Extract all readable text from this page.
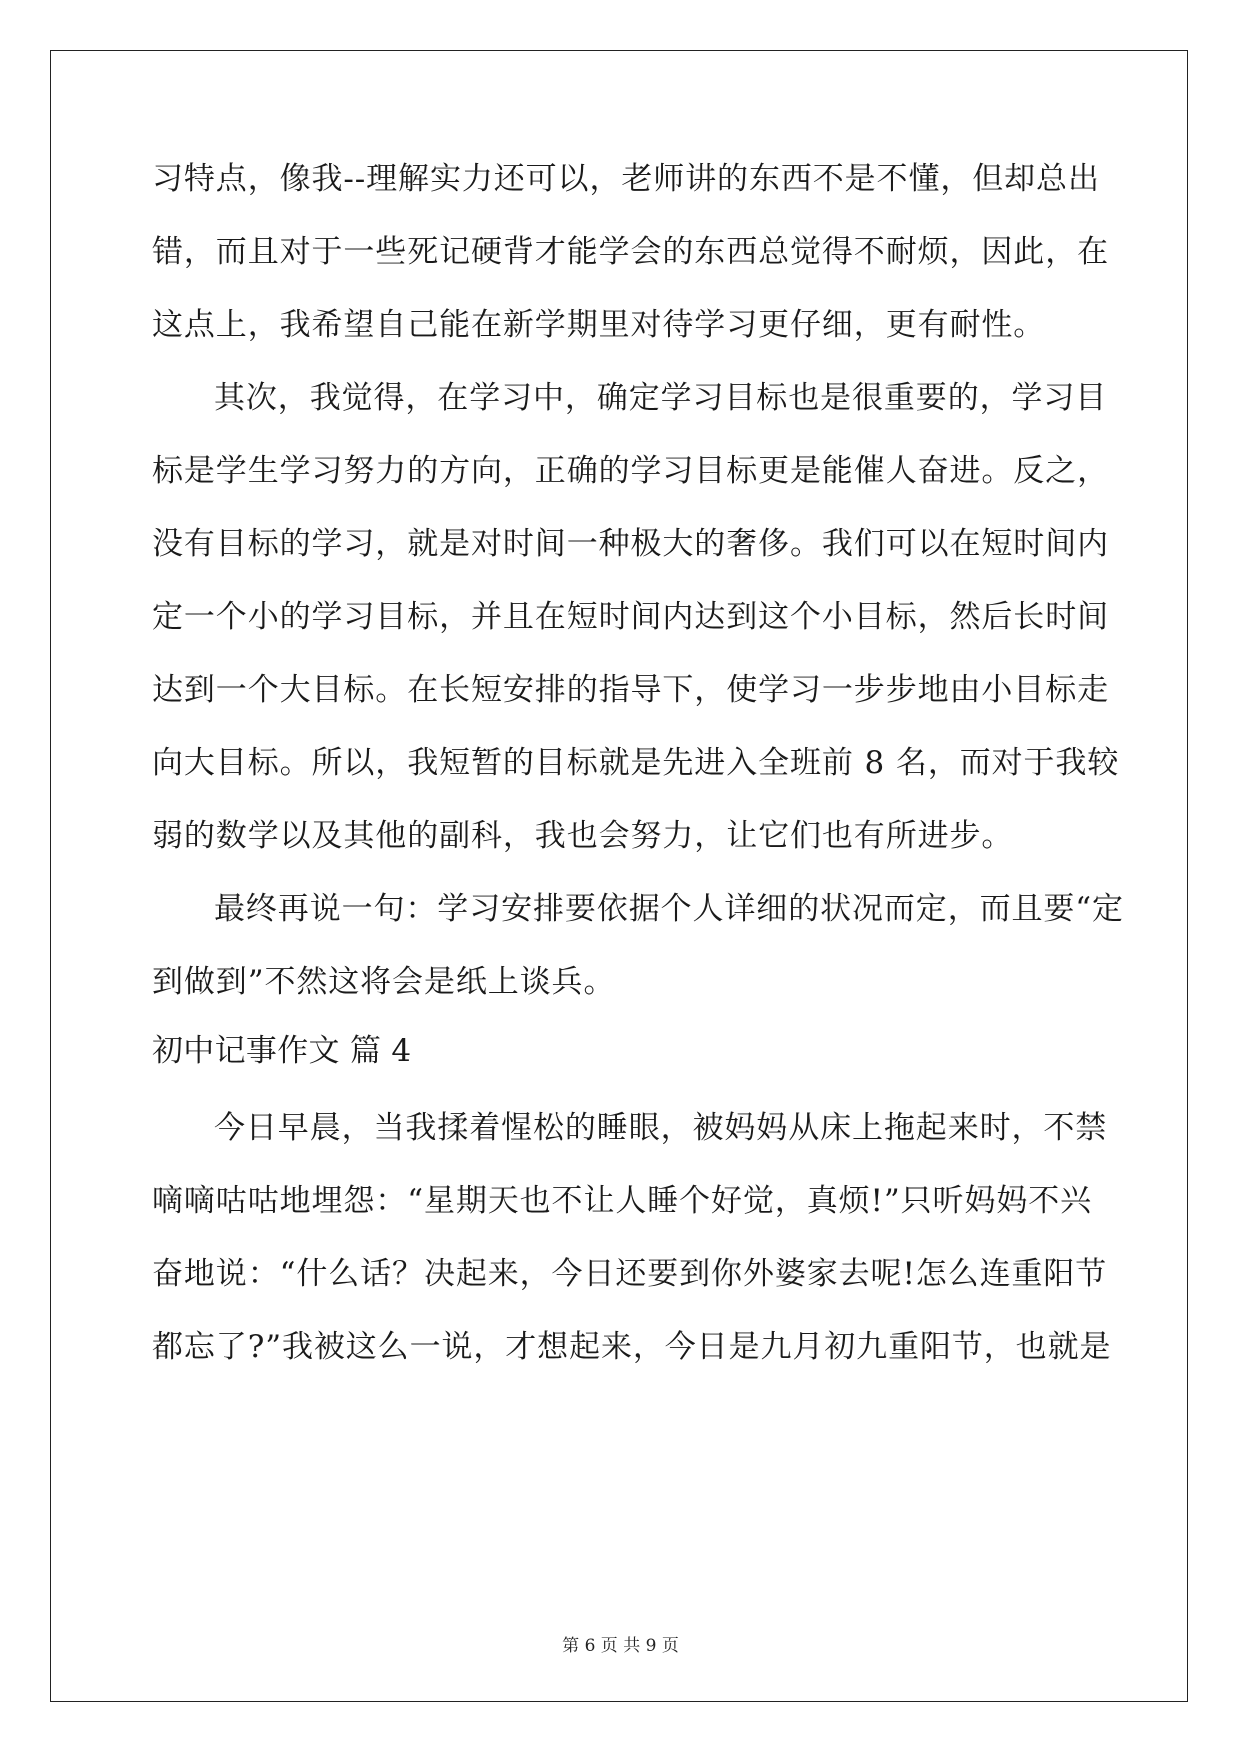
习特点，像我--理解实力还可以，老师讲的东西不是不懂，但却总出
错，而且对于一些死记硬背才能学会的东西总觉得不耐烦，因此，在
这点上，我希望自己能在新学期里对待学习更仔细，更有耐性。
其次，我觉得，在学习中，确定学习目标也是很重要的，学习目
标是学生学习努力的方向，正确的学习目标更是能催人奋进。反之，
没有目标的学习，就是对时间一种极大的奢侈。我们可以在短时间内
定一个小的学习目标，并且在短时间内达到这个小目标，然后长时间
达到一个大目标。在长短安排的指导下，使学习一步步地由小目标走
向大目标。所以，我短暂的目标就是先进入全班前 8 名，而对于我较
弱的数学以及其他的副科，我也会努力，让它们也有所进步。
最终再说一句：学习安排要依据个人详细的状况而定，而且要“定
到做到”不然这将会是纸上谈兵。
初中记事作文 篇 4
今日早晨，当我揉着惺松的睡眼，被妈妈从床上拖起来时，不禁
嘀嘀咕咕地埋怨：“星期天也不让人睡个好觉，真烦!”只听妈妈不兴
奋地说：“什么话？决起来，今日还要到你外婆家去呢!怎么连重阳节
都忘了?”我被这么一说，才想起来，今日是九月初九重阳节，也就是
第 6 页 共 9 页
